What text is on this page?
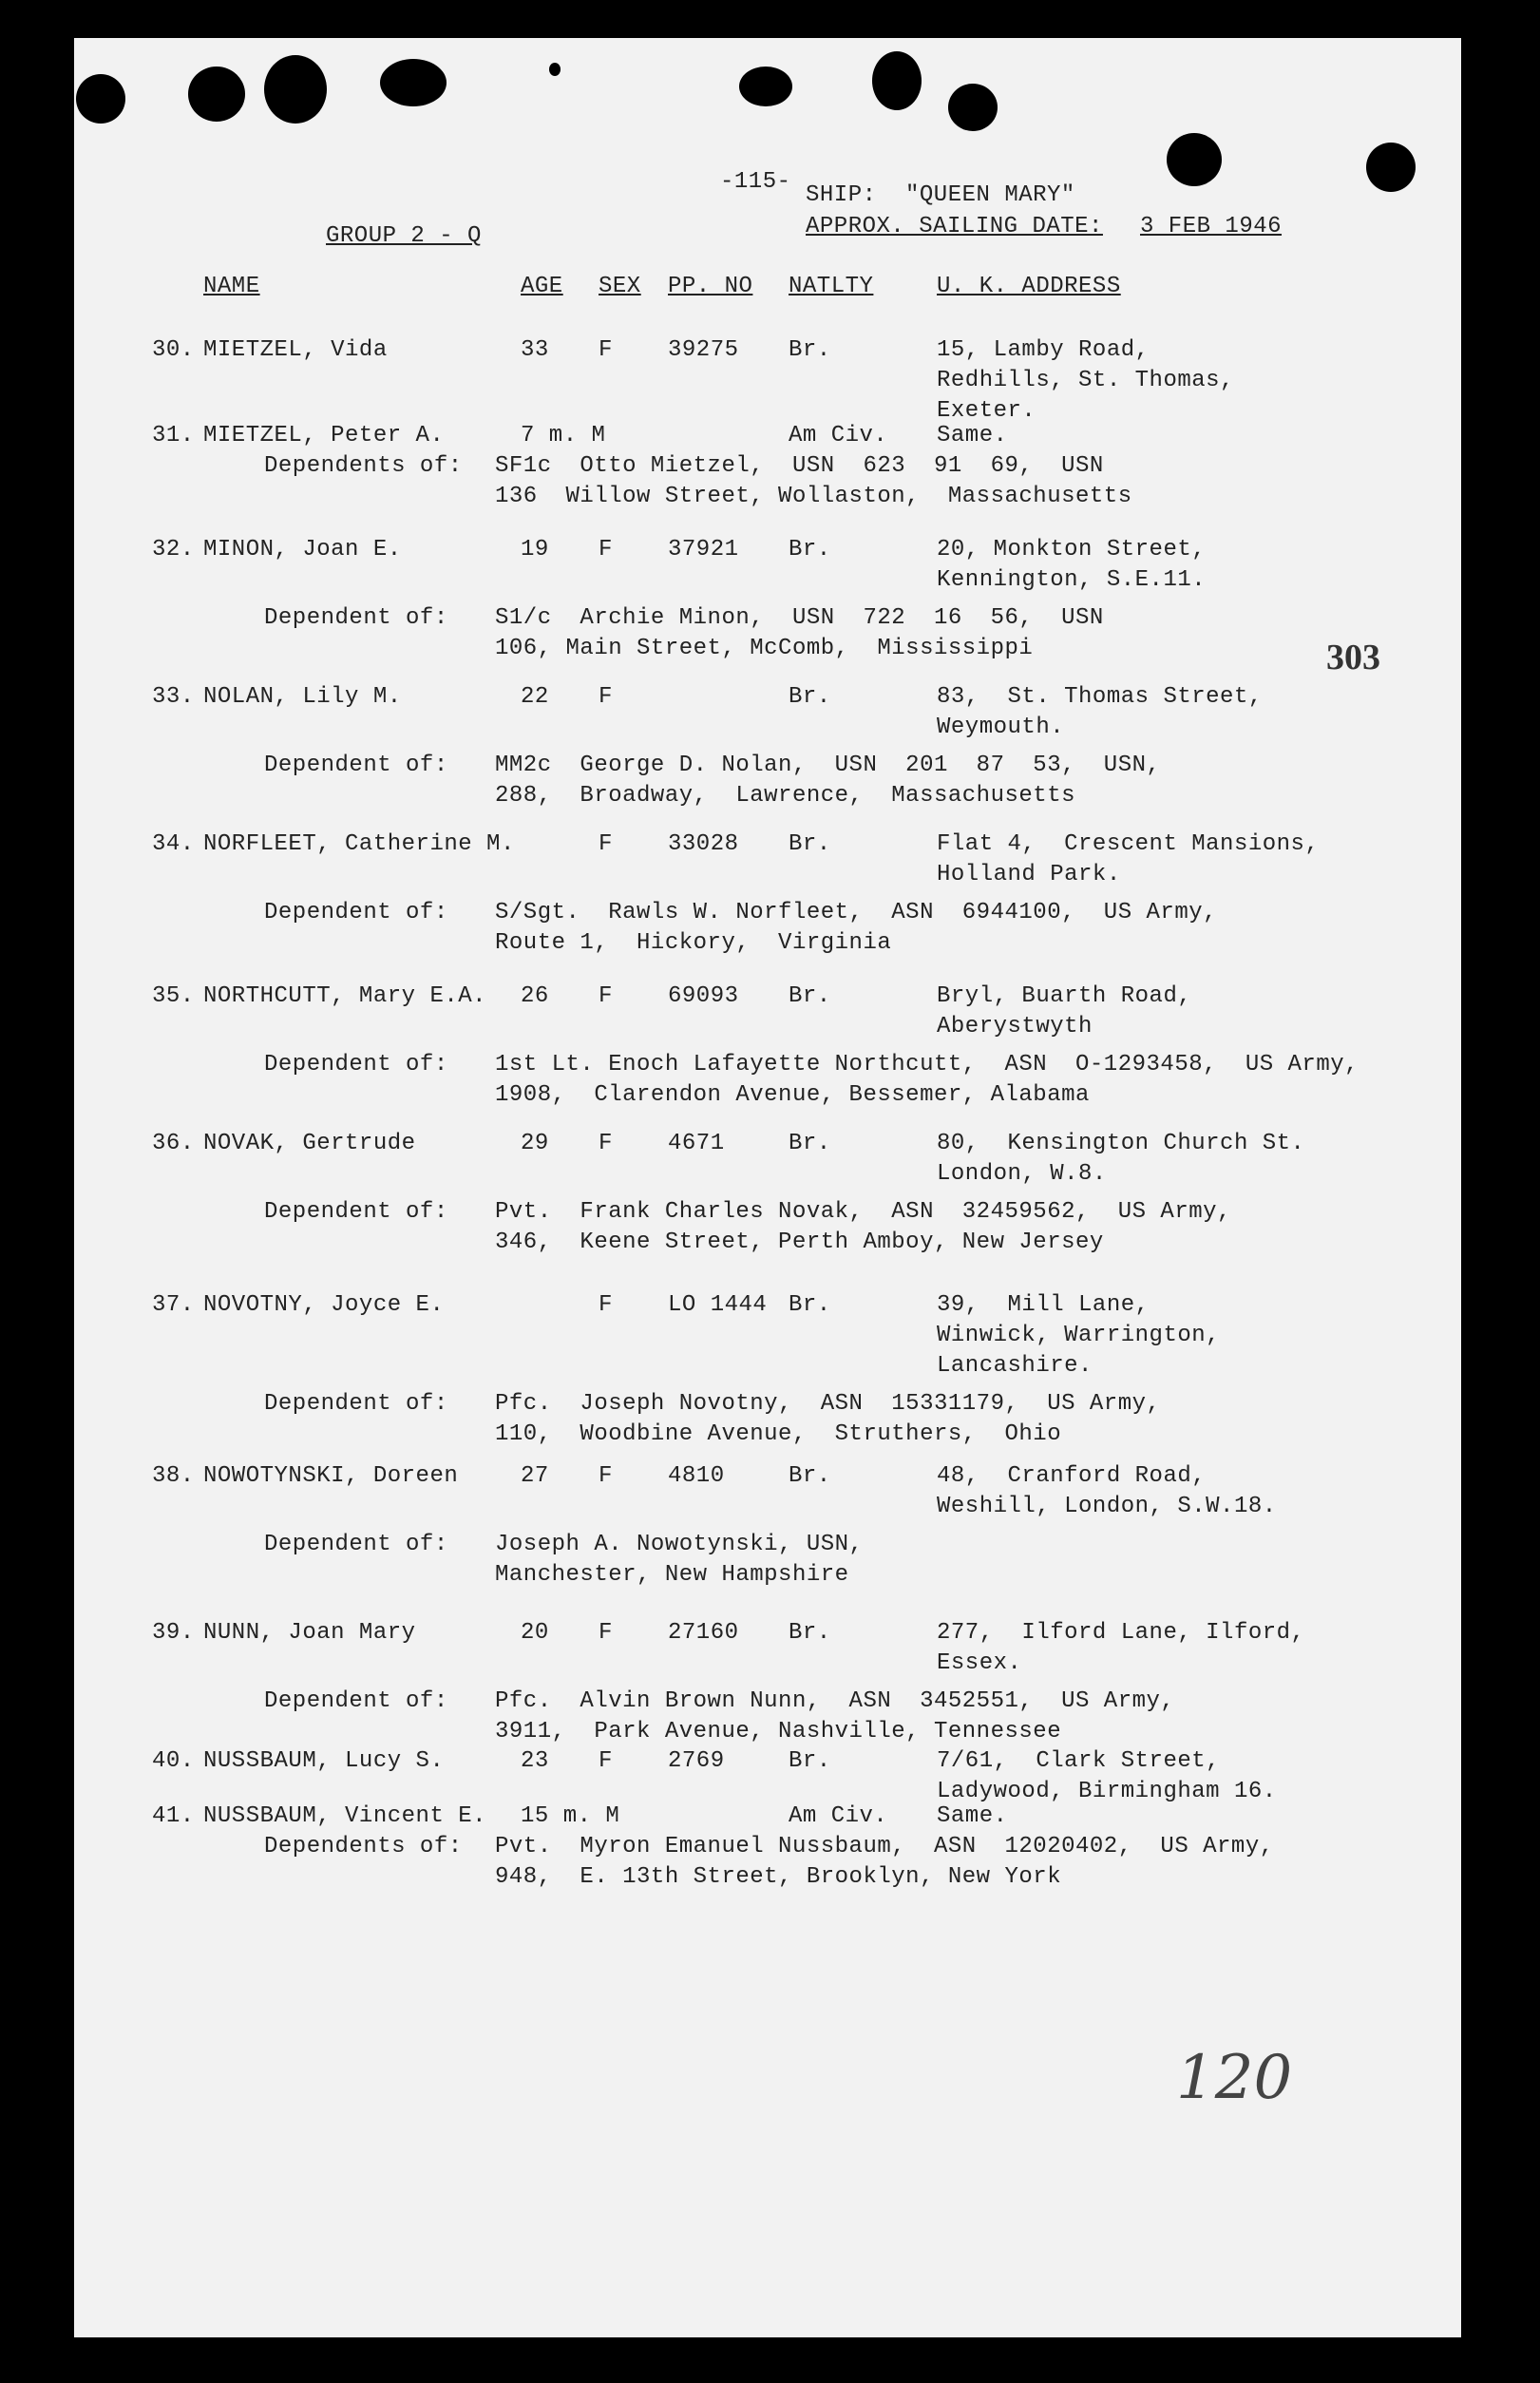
-115-
SHIP: "QUEEN MARY"
GROUP 2 - Q	APPROX. SAILING DATE: 3 FEB 1946
NAME	AGE SEX PP. NO NATLTY	U. K. ADDRESS
30. MIETZEL, Vida	33 F 39275 Br.	15, Lamby Road,
Redhills, St. Thomas,
Exeter.
31. MIETZEL, Peter A.	7 m. M	Am Civ. Same.
Dependents of: SF1c  Otto Mietzel,  USN  623  91  69,  USN
136  Willow Street, Wollaston,  Massachusetts
32. MINON, Joan E.	19 F 37921 Br.	20, Monkton Street,
Kennington, S.E.11.
Dependent of: S1/c  Archie Minon,  USN  722  16  56,  USN
106, Main Street, McComb,  Mississippi
33. NOLAN, Lily M.	22 F	Br.	83,  St. Thomas Street,
Weymouth.
Dependent of: MM2c  George D. Nolan,  USN  201  87  53,  USN,
288,  Broadway,  Lawrence,  Massachusetts
34. NORFLEET, Catherine M.	F 33028 Br.	Flat 4,  Crescent Mansions,
Holland Park.
Dependent of: S/Sgt.  Rawls W. Norfleet,  ASN  6944100,  US Army,
Route 1,  Hickory,  Virginia
35. NORTHCUTT, Mary E.A. 26 F 69093 Br.	Bryl, Buarth Road,
Aberystwyth
Dependent of: 1st Lt. Enoch Lafayette Northcutt,  ASN  O-1293458,  US Army,
1908,  Clarendon Avenue, Bessemer, Alabama
36. NOVAK, Gertrude	29 F 4671	Br.	80,  Kensington Church St.
London, W.8.
Dependent of: Pvt.  Frank Charles Novak,  ASN  32459562,  US Army,
346,  Keene Street, Perth Amboy, New Jersey
37. NOVOTNY, Joyce E.	F LO 1444 Br.	39,  Mill Lane,
Winwick, Warrington,
Lancashire.
Dependent of: Pfc.  Joseph Novotny,  ASN  15331179,  US Army,
110,  Woodbine Avenue,  Struthers,  Ohio
38. NOWOTYNSKI, Doreen	27 F 4810	Br.	48,  Cranford Road,
Weshill, London, S.W.18.
Dependent of: Joseph A. Nowotynski, USN,
Manchester, New Hampshire
39. NUNN, Joan Mary	20 F 27160 Br.	277,  Ilford Lane, Ilford,
Essex.
Dependent of: Pfc.  Alvin Brown Nunn,  ASN  3452551,  US Army,
3911,  Park Avenue, Nashville, Tennessee
40. NUSSBAUM, Lucy S.	23 F 2769	Br.	7/61,  Clark Street,
Ladywood, Birmingham 16.
41. NUSSBAUM, Vincent E. 15 m. M	Am Civ. Same.
Dependents of: Pvt.  Myron Emanuel Nussbaum,  ASN  12020402,  US Army,
948,  E. 13th Street, Brooklyn, New York
303
120
